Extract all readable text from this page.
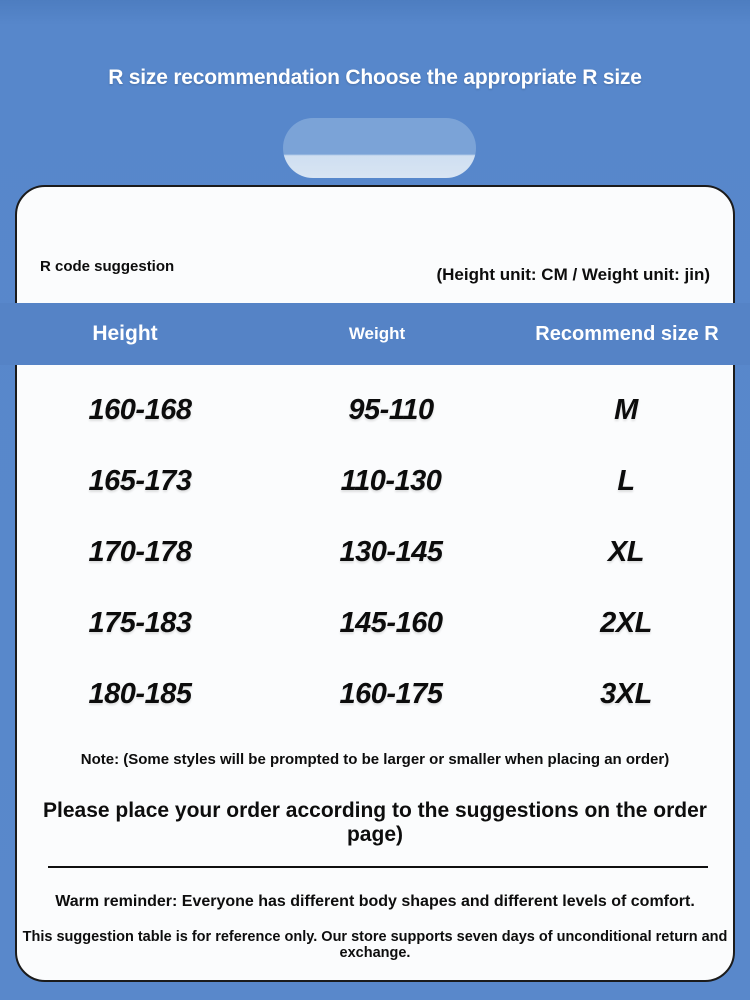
R size recommendation Choose the appropriate R size
R code suggestion	(Height unit: CM / Weight unit: jin)
Height	Weight	Recommend size R
160-168	95-110	M
165-173	110-130	L
170-178	130-145	XL
175-183	145-160	2XL
180-185	160-175	3XL
Note: (Some styles will be prompted to be larger or smaller when placing an order)
Please place your order according to the suggestions on the order page)
Warm reminder: Everyone has different body shapes and different levels of comfort.
This suggestion table is for reference only. Our store supports seven days of unconditional return and exchange.
